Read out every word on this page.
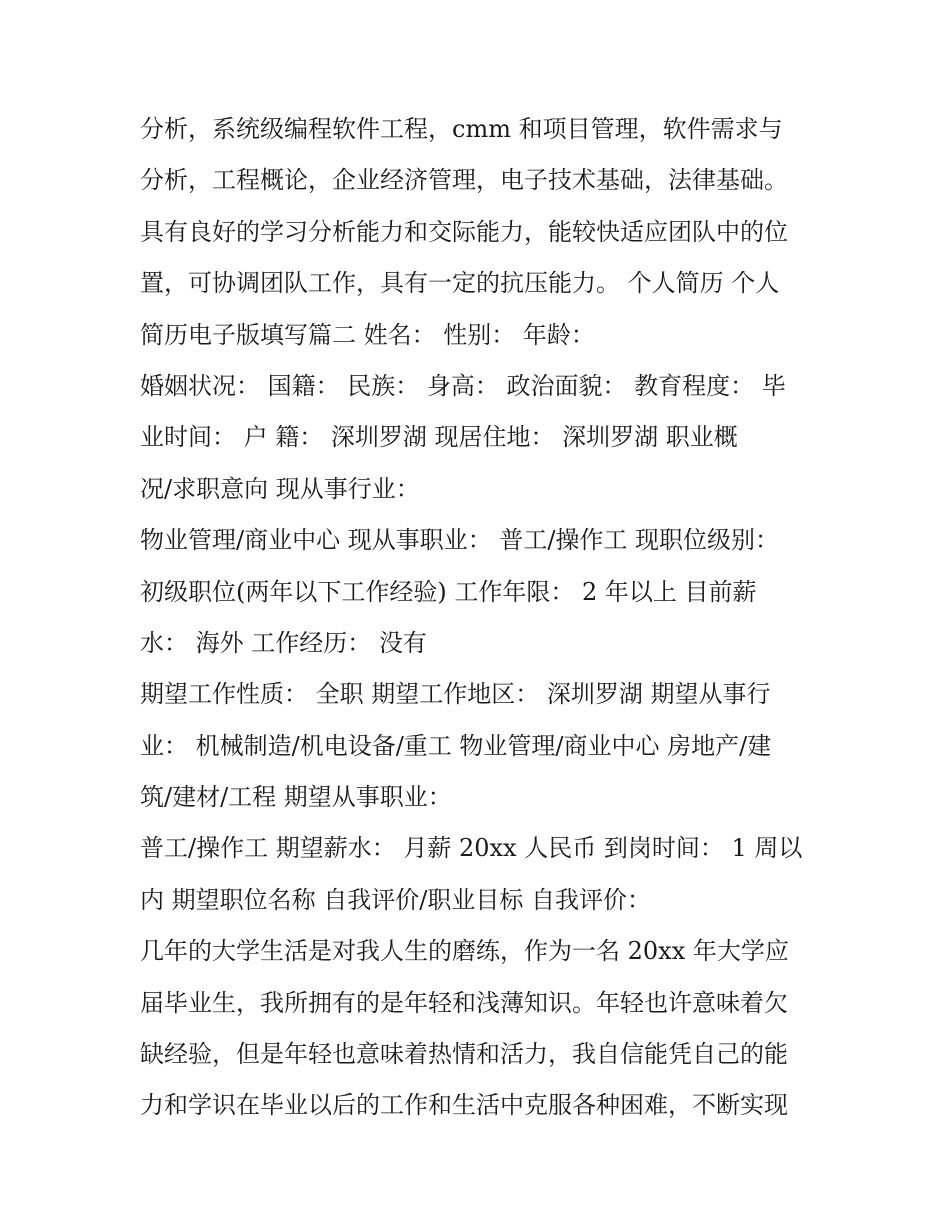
分析，系统级编程软件工程，cmm 和项目管理，软件需求与
分析，工程概论，企业经济管理，电子技术基础，法律基础。
具有良好的学习分析能力和交际能力，能较快适应团队中的位
置，可协调团队工作，具有一定的抗压能力。 个人简历 个人
简历电子版填写篇二 姓名： 性别： 年龄：
婚姻状况： 国籍： 民族： 身高： 政治面貌： 教育程度： 毕
业时间： 户 籍： 深圳罗湖 现居住地： 深圳罗湖 职业概
况/求职意向 现从事行业：
物业管理/商业中心 现从事职业： 普工/操作工 现职位级别：
初级职位(两年以下工作经验) 工作年限： 2 年以上 目前薪
水： 海外 工作经历： 没有
期望工作性质： 全职 期望工作地区： 深圳罗湖 期望从事行
业： 机械制造/机电设备/重工 物业管理/商业中心 房地产/建
筑/建材/工程 期望从事职业：
普工/操作工 期望薪水： 月薪 20xx 人民币 到岗时间： 1 周以
内 期望职位名称 自我评价/职业目标 自我评价：
几年的大学生活是对我人生的磨练，作为一名 20xx 年大学应
届毕业生，我所拥有的是年轻和浅薄知识。年轻也许意味着欠
缺经验，但是年轻也意味着热情和活力，我自信能凭自己的能
力和学识在毕业以后的工作和生活中克服各种困难，不断实现
